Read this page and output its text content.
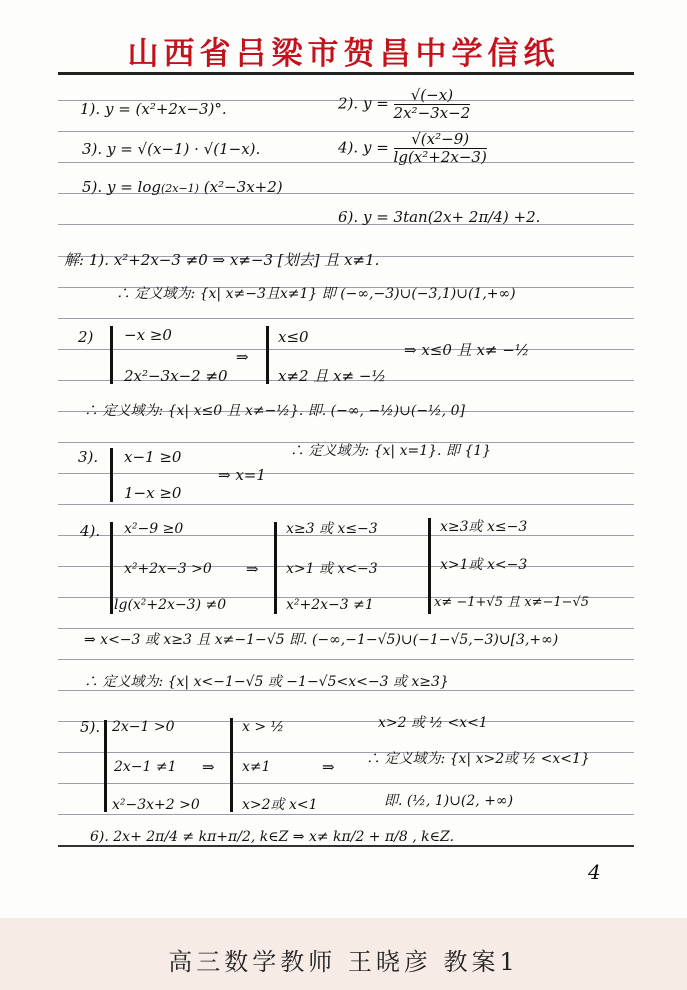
山西省吕梁市贺昌中学信纸
1). y = (x²+2x−3)°.	2). $y = \frac{√(-x)}{\text{2x²−3x−2}}$
3). y = √(x−1) · √(1−x).	4). $y = \frac{\text{√(x²−9)}}{\text{lg(x²+2x−3)}}$
5). y = log(2x−1) (x²−3x+2)
6). y = 3tan(2x+ 2π/4) +2.
解: 1). x²+2x−3 ≠0 ⇒ x≠−3 [划去] 且 x≠1.
∴ 定义域为: {x| x≠−3且x≠1} 即 (−∞,−3)∪(−3,1)∪(1,+∞)
2) −x ≥0
2x²−3x−2 ≠0
⇒
x≤0
x≠2 且 x≠ −½
⇒ x≤0 且 x≠ −½
∴ 定义域为: {x| x≤0 且 x≠−½}. 即. (−∞, −½)∪(−½, 0]
3). x−1 ≥0
1−x ≥0
⇒ x=1
∴ 定义域为: {x| x=1}. 即 {1}
4). x²−9 ≥0
x²+2x−3 >0
lg(x²+2x−3) ≠0
⇒
x≥3 或 x≤−3
x>1 或 x<−3
x²+2x−3 ≠1
x≥3或 x≤−3
x>1或 x<−3
x≠ −1+√5 且 x≠−1−√5
⇒ x<−3 或 x≥3 且 x≠−1−√5 即. (−∞,−1−√5)∪(−1−√5,−3)∪[3,+∞)
∴ 定义域为: {x| x<−1−√5 或 −1−√5<x<−3 或 x≥3}
5). 2x−1 >0
2x−1 ≠1
x²−3x+2 >0
⇒
x > ½
x≠1
x>2或 x<1
x>2 或 ½ <x<1
⇒ ∴ 定义域为: {x| x>2或 ½ <x<1}
即. (½, 1)∪(2, +∞)
6). 2x+ 2π/4 ≠ kπ+π/2, k∈Z ⇒ x≠ kπ/2 + π/8 , k∈Z.
4
高三数学教师 王晓彦 教案1
